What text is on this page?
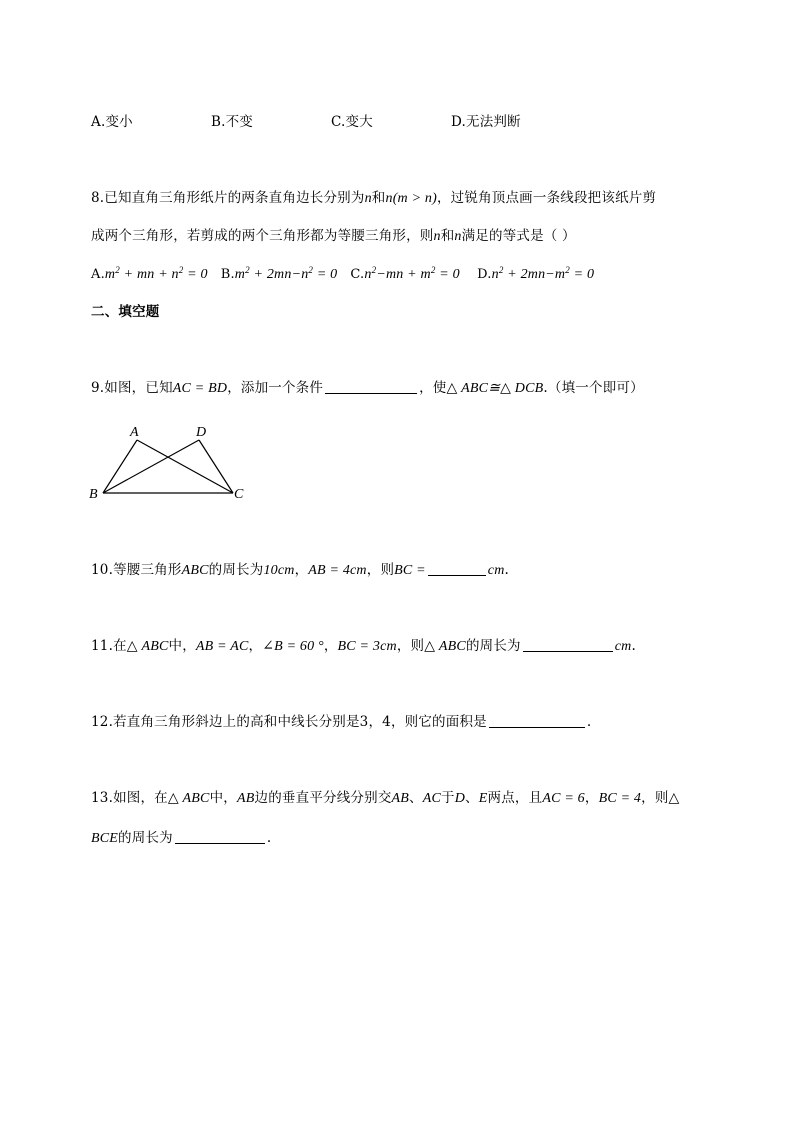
A.变小	B.不变	C.变大	D.无法判断
8.已知直角三角形纸片的两条直角边长分别为n和n(m > n)，过锐角顶点画一条线段把该纸片剪
成两个三角形，若剪成的两个三角形都为等腰三角形，则n和n满足的等式是（ ）
$A.m^2$ + mn + $n^2 = 0$ $B.m^2 + 2mn-n^2 = 0$ $C.n^2-mn + m^2 = 0$ $D.n^2 + 2mn-m^2 = 0$
二、填空题
9.如图，已知AC = BD，添加一个条件	，使△ ABC≅△ DCB.（填一个即可）
A	D
B	C
10.等腰三角形ABC的周长为10cm，AB = 4cm，则BC =	cm.
11.在△ ABC中，AB = AC，∠B = 60 °，BC = 3cm，则△ ABC的周长为	cm.
12.若直角三角形斜边上的高和中线长分别是3，4，则它的面积是	.
13.如图，在△ ABC中，AB边的垂直平分线分别交AB、AC于D、E两点，且AC = 6，BC = 4，则△
BCE的周长为	.
